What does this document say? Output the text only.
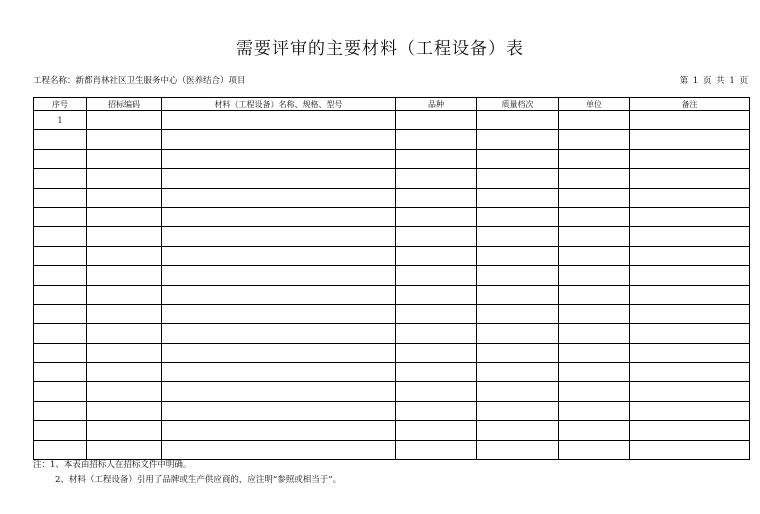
需要评审的主要材料（工程设备）表
工程名称：新都肖林社区卫生服务中心（医养结合）项目	第 1 页 共 1 页
序号	招标编码	材料（工程设备）名称、规格、型号	品种	质量档次	单位	备注
1						

注：1、本表由招标人在招标文件中明确。
2、材料（工程设备）引用了品牌或生产供应商的，应注明“参照或相当于”。
